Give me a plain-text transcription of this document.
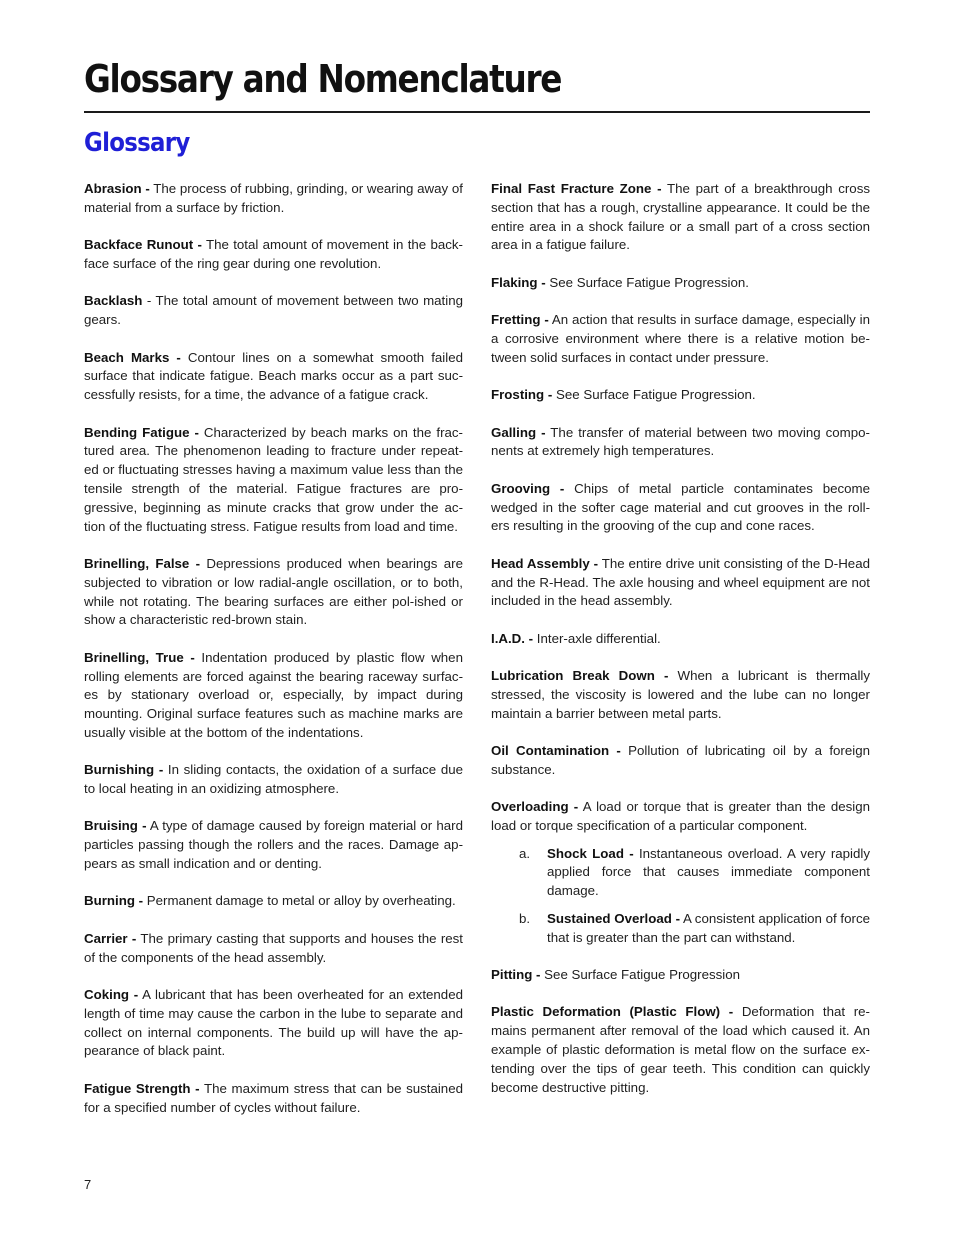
Glossary and Nomenclature
Glossary

Abrasion - The process of rubbing, grinding, or wearing away of material from a surface by friction.

Backface Runout - The total amount of movement in the back-face surface of the ring gear during one revolution.

Backlash - The total amount of movement between two mating gears.

Beach Marks - Contour lines on a somewhat smooth failed surface that indicate fatigue. Beach marks occur as a part suc-cessfully resists, for a time, the advance of a fatigue crack.

Bending Fatigue - Characterized by beach marks on the frac-tured area. The phenomenon leading to fracture under repeat-ed or fluctuating stresses having a maximum value less than the tensile strength of the material. Fatigue fractures are pro-gressive, beginning as minute cracks that grow under the ac-tion of the fluctuating stress. Fatigue results from load and time.

Brinelling, False - Depressions produced when bearings are subjected to vibration or low radial-angle oscillation, or to both, while not rotating. The bearing surfaces are either pol-ished or show a characteristic red-brown stain.

Brinelling, True - Indentation produced by plastic flow when rolling elements are forced against the bearing raceway surfac-es by stationary overload or, especially, by impact during mounting. Original surface features such as machine marks are usually visible at the bottom of the indentations.

Burnishing - In sliding contacts, the oxidation of a surface due to local heating in an oxidizing atmosphere.

Bruising - A type of damage caused by foreign material or hard particles passing though the rollers and the races. Damage ap-pears as small indication and or denting.

Burning - Permanent damage to metal or alloy by overheating.

Carrier - The primary casting that supports and houses the rest of the components of the head assembly.

Coking - A lubricant that has been overheated for an extended length of time may cause the carbon in the lube to separate and collect on internal components. The build up will have the ap-pearance of black paint.

Fatigue Strength - The maximum stress that can be sustained for a specified number of cycles without failure.

Final Fast Fracture Zone - The part of a breakthrough cross section that has a rough, crystalline appearance. It could be the entire area in a shock failure or a small part of a cross section area in a fatigue failure.

Flaking - See Surface Fatigue Progression.

Fretting - An action that results in surface damage, especially in a corrosive environment where there is a relative motion be-tween solid surfaces in contact under pressure.

Frosting - See Surface Fatigue Progression.

Galling - The transfer of material between two moving compo-nents at extremely high temperatures.

Grooving - Chips of metal particle contaminates become wedged in the softer cage material and cut grooves in the roll-ers resulting in the grooving of the cup and cone races.

Head Assembly - The entire drive unit consisting of the D-Head and the R-Head. The axle housing and wheel equipment are not included in the head assembly.

I.A.D. - Inter-axle differential.

Lubrication Break Down - When a lubricant is thermally stressed, the viscosity is lowered and the lube can no longer maintain a barrier between metal parts.

Oil Contamination - Pollution of lubricating oil by a foreign substance.

Overloading - A load or torque that is greater than the design load or torque specification of a particular component.

a.	Shock Load - Instantaneous overload. A very rapidly applied force that causes immediate component damage.
b.	Sustained Overload - A consistent application of force that is greater than the part can withstand.

Pitting - See Surface Fatigue Progression

Plastic Deformation (Plastic Flow) - Deformation that re-mains permanent after removal of the load which caused it. An example of plastic deformation is metal flow on the surface ex-tending over the tips of gear teeth. This condition can quickly become destructive pitting.

7
